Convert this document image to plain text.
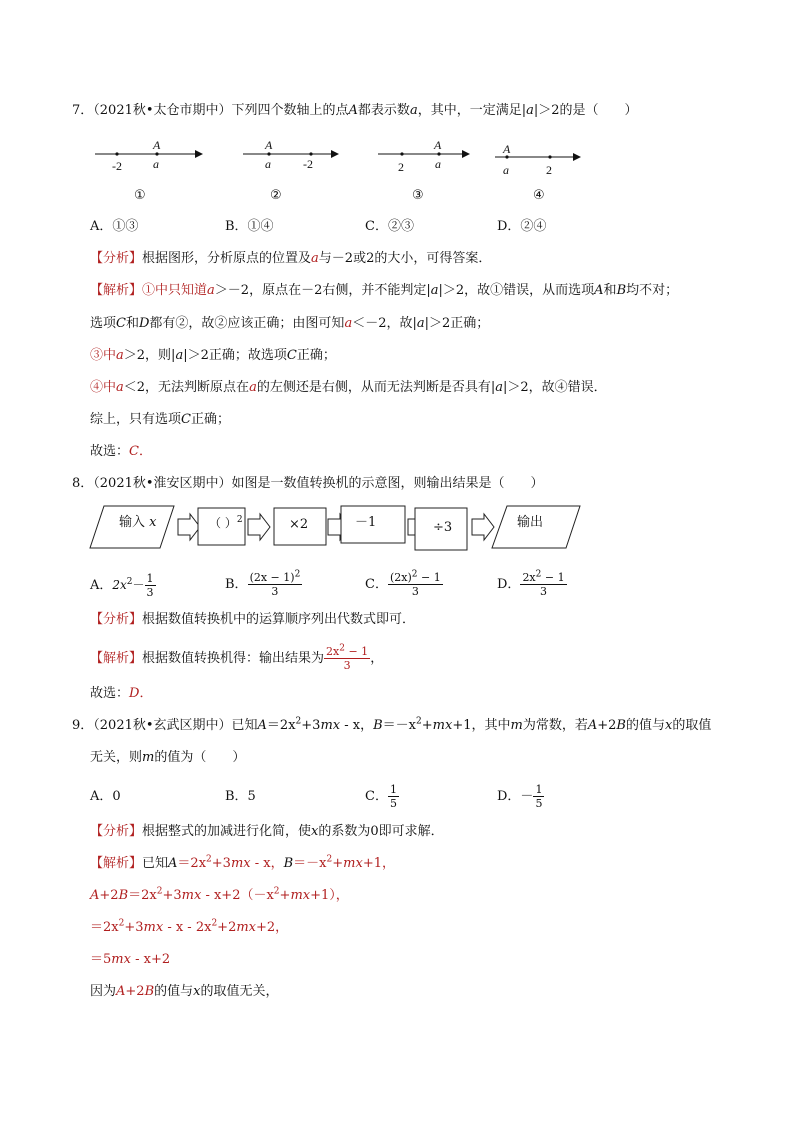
7．（2021秋•太仓市期中）下列四个数轴上的点A都表示数a，其中，一定满足|a|＞2的是（　　）
-2
A
a
①
A
a	-2
②
2
A
a
③
A
a	2
④
A．①③	B．①④	C．②③	D．②④
【分析】根据图形，分析原点的位置及a与－2或2的大小，可得答案．
【解析】①中只知道a＞－2，原点在－2右侧，并不能判定|a|＞2，故①错误，从而选项A和B均不对；
选项C和D都有②，故②应该正确；由图可知a＜－2，故|a|＞2正确；
③中a＞2，则|a|＞2正确；故选项C正确；
④中a＜2，无法判断原点在a的左侧还是右侧，从而无法判断是否具有|a|＞2，故④错误．
综上，只有选项C正确；
故选：C．
8．（2021秋•淮安区期中）如图是一数值转换机的示意图，则输出结果是（　　）
输入 x	（ ）$^2$	×2	－1	÷3	输出
A．$2x^2- \frac{1}{3}$	B． $\frac{(2x - 1)^2}{3}$	C． $\frac{(2x)^2 - 1}{3}$	D． $\frac{2x^2 - 1}{3}$
【分析】根据数值转换机中的运算顺序列出代数式即可．
【解析】根据数值转换机得：输出结果为 $\frac{2x^2 - 1}{3}$ ，
故选：D．
9．（2021秋•玄武区期中）已知$A=2x^2+3mx - x$，$B=-x^2+mx+1$，其中m为常数，若A+2B的值与x的取值
无关，则m的值为（　　）
A．0	B．5	C． $\frac{1}{5}$	D．－ $\frac{1}{5}$
【分析】根据整式的加减进行化简，使x的系数为0即可求解．
【解析】已知$A=2x^2+3mx - x$，$B=-x^2+mx+1$，
$A+2B=2x^2+3mx - x+2(-x^2+mx+1)$，
$=2x^2+3mx - x - 2x^2+2mx+2$，
＝5mx - x+2
因为A+2B的值与x的取值无关，
